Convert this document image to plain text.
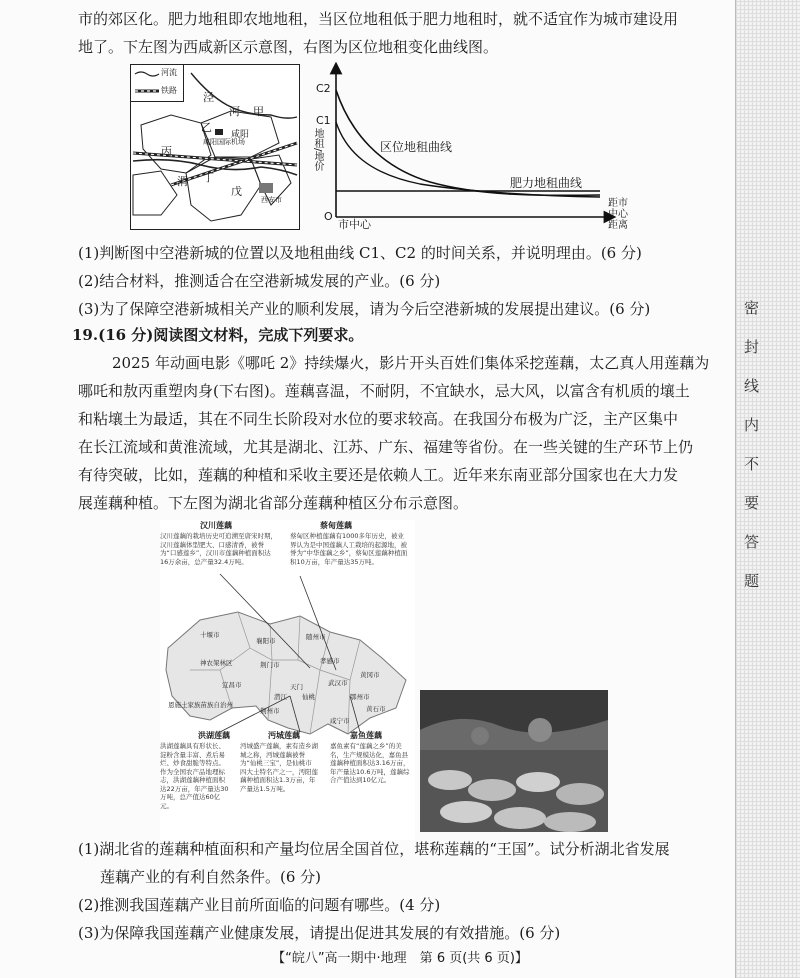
市的郊区化。肥力地租即农地地租，当区位地租低于肥力地租时，就不适宜作为城市建设用
地了。下左图为西咸新区示意图，右图为区位地租变化曲线图。
河流
铁路
泾
河 甲
乙
咸阳
咸阳国际机场
丙
渭 丁
戊
西安市
C2
C1
地租/地价
O
市中心
区位地租曲线
肥力地租曲线
距市中心距离
(1)判断图中空港新城的位置以及地租曲线 C1、C2 的时间关系，并说明理由。(6 分)
(2)结合材料，推测适合在空港新城发展的产业。(6 分)
(3)为了保障空港新城相关产业的顺利发展，请为今后空港新城的发展提出建议。(6 分)
19.(16 分)阅读图文材料，完成下列要求。
2025 年动画电影《哪吒 2》持续爆火，影片开头百姓们集体采挖莲藕，太乙真人用莲藕为
哪吒和敖丙重塑肉身(下右图)。莲藕喜温，不耐阴，不宜缺水，忌大风，以富含有机质的壤土
和粘壤土为最适，其在不同生长阶段对水位的要求较高。在我国分布极为广泛，主产区集中
在长江流域和黄淮流域，尤其是湖北、江苏、广东、福建等省份。在一些关键的生产环节上仍
有待突破，比如，莲藕的种植和采收主要还是依赖人工。近年来东南亚部分国家也在大力发
展莲藕种植。下左图为湖北省部分莲藕种植区分布示意图。
汉川莲藕
汉川莲藕的栽培历史可追溯至唐宋时期，汉川莲藕体型肥大、口感清香，被誉为“口感莲乡”，汉川市莲藕种植面积达16万余亩，总产量32.4万吨。
蔡甸莲藕
蔡甸区种植莲藕有1000多年历史，被业界认为是中国莲藕人工栽培的起源地，被誉为“中华莲藕之乡”，蔡甸区莲藕种植面积10万亩，年产量达35万吨。
十堰市
襄阳市	随州市
神农架林区	荆门市	孝感市
宜昌市	天门	武汉市
黄冈市
潜江 仙桃	鄂州市
恩施土家族苗族自治州
荆州市	黄石市
咸宁市
洪湖莲藕
洪湖莲藕具有形状长、淀粉含量丰富、煮后易烂、炒食甜脆等特点。作为全国农产品地理标志，洪湖莲藕种植面积达22万亩，年产量达30万吨，总产值达60亿元。
沔城莲藕
沔城盛产莲藕，素有造乡湖城之称，沔城莲藕被誉为“仙桃三宝”，是仙桃市四大土特名产之一，沔阳莲藕种植面积达1.3万亩，年产量达1.5万吨。
嘉鱼莲藕
嘉鱼素有“莲藕之乡”的美名，生产规模达化，嘉鱼县莲藕种植面积达3.16万亩，年产量达10.6万吨，莲藕综合产值达到10亿元。
(1)湖北省的莲藕种植面积和产量均位居全国首位，堪称莲藕的“王国”。试分析湖北省发展
莲藕产业的有利自然条件。(6 分)
(2)推测我国莲藕产业目前所面临的问题有哪些。(4 分)
(3)为保障我国莲藕产业健康发展，请提出促进其发展的有效措施。(6 分)
密封线内不要答题
【“皖八”高一期中·地理　第 6 页(共 6 页)】
